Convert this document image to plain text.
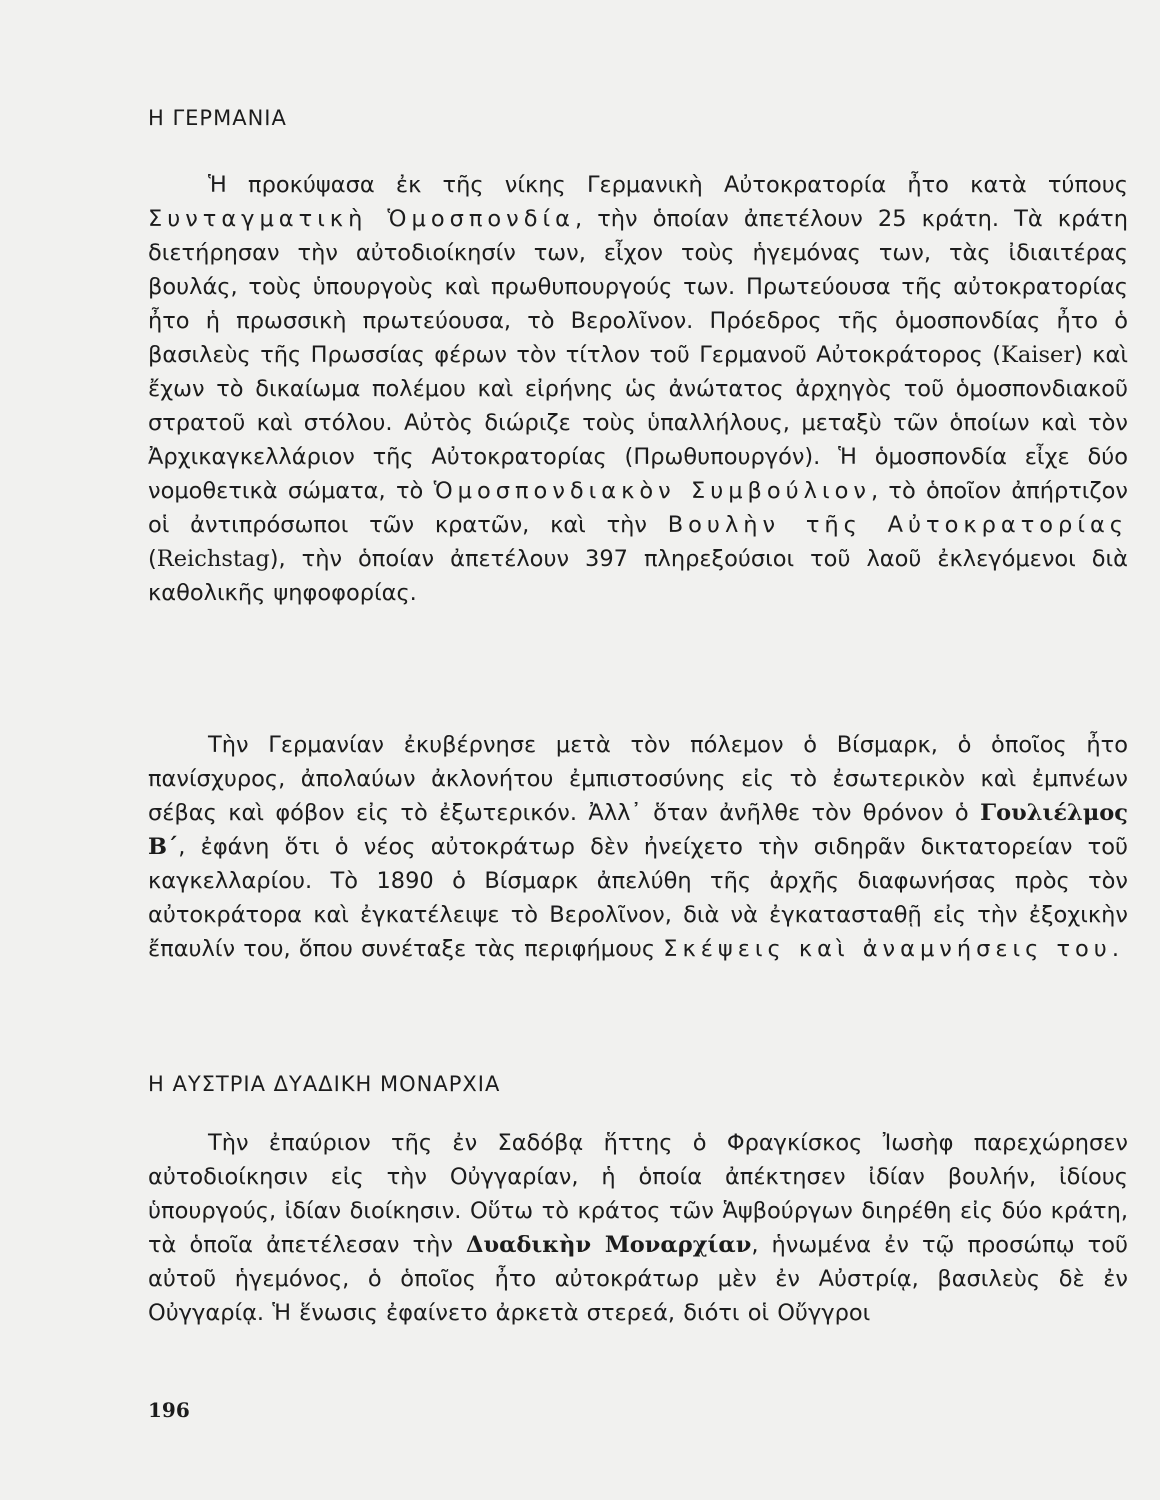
Η ΓΕΡΜΑΝΙΑ

Ἡ προκύψασα ἐκ τῆς νίκης Γερμανικὴ Αὐτοκρατορία ἦτο κατὰ τύπους Συνταγματικὴ Ὁμοσπονδία, τὴν ὁποίαν ἀπετέλουν 25 κράτη. Τὰ κράτη διετήρησαν τὴν αὐτοδιοίκησίν των, εἶχον τοὺς ἡγεμόνας των, τὰς ἰδιαιτέρας βουλάς, τοὺς ὑπουργοὺς καὶ πρωθυπουργούς των. Πρωτεύουσα τῆς αὐτοκρατορίας ἦτο ἡ πρωσσικὴ πρωτεύουσα, τὸ Βερολῖνον. Πρόεδρος τῆς ὁμοσπονδίας ἦτο ὁ βασιλεὺς τῆς Πρωσσίας φέρων τὸν τίτλον τοῦ Γερμανοῦ Αὐτοκράτορος (Kaiser) καὶ ἔχων τὸ δικαίωμα πολέμου καὶ εἰρήνης ὡς ἀνώτατος ἀρχηγὸς τοῦ ὁμοσπονδιακοῦ στρατοῦ καὶ στόλου. Αὐτὸς διώριζε τοὺς ὑπαλλήλους, μεταξὺ τῶν ὁποίων καὶ τὸν Ἀρχικαγκελλάριον τῆς Αὐτοκρατορίας (Πρωθυπουργόν). Ἡ ὁμοσπονδία εἶχε δύο νομοθετικὰ σώματα, τὸ Ὁμοσπονδιακὸν Συμβούλιον, τὸ ὁποῖον ἀπήρτιζον οἱ ἀντιπρόσωποι τῶν κρατῶν, καὶ τὴν Βουλὴν τῆς Αὐτοκρατορίας (Reichstag), τὴν ὁποίαν ἀπετέλουν 397 πληρεξούσιοι τοῦ λαοῦ ἐκλεγόμενοι διὰ καθολικῆς ψηφοφορίας.

Τὴν Γερμανίαν ἐκυβέρνησε μετὰ τὸν πόλεμον ὁ Βίσμαρκ, ὁ ὁποῖος ἦτο πανίσχυρος, ἀπολαύων ἀκλονήτου ἐμπιστοσύνης εἰς τὸ ἐσωτερικὸν καὶ ἐμπνέων σέβας καὶ φόβον εἰς τὸ ἐξωτερικόν. Ἀλλ᾽ ὅταν ἀνῆλθε τὸν θρόνον ὁ Γουλιέλμος Β΄, ἐφάνη ὅτι ὁ νέος αὐτοκράτωρ δὲν ἠνείχετο τὴν σιδηρᾶν δικτατορείαν τοῦ καγκελλαρίου. Τὸ 1890 ὁ Βίσμαρκ ἀπελύθη τῆς ἀρχῆς διαφωνήσας πρὸς τὸν αὐτοκράτορα καὶ ἐγκατέλειψε τὸ Βερολῖνον, διὰ νὰ ἐγκατασταθῇ εἰς τὴν ἐξοχικὴν ἔπαυλίν του, ὅπου συνέταξε τὰς περιφήμους Σκέψεις καὶ ἀναμνήσεις του.

Η ΑΥΣΤΡΙΑ ΔΥΑΔΙΚΗ ΜΟΝΑΡΧΙΑ

Τὴν ἐπαύριον τῆς ἐν Σαδόβᾳ ἥττης ὁ Φραγκίσκος Ἰωσὴφ παρεχώρησεν αὐτοδιοίκησιν εἰς τὴν Οὐγγαρίαν, ἡ ὁποία ἀπέκτησεν ἰδίαν βουλήν, ἰδίους ὑπουργούς, ἰδίαν διοίκησιν. Οὕτω τὸ κράτος τῶν Ἁψβούργων διηρέθη εἰς δύο κράτη, τὰ ὁποῖα ἀπετέλεσαν τὴν Δυαδικὴν Μοναρχίαν, ἡνωμένα ἐν τῷ προσώπῳ τοῦ αὐτοῦ ἡγεμόνος, ὁ ὁποῖος ἦτο αὐτοκράτωρ μὲν ἐν Αὐστρίᾳ, βασιλεὺς δὲ ἐν Οὐγγαρίᾳ. Ἡ ἕνωσις ἐφαίνετο ἀρκετὰ στερεά, διότι οἱ Οὔγγροι

196
